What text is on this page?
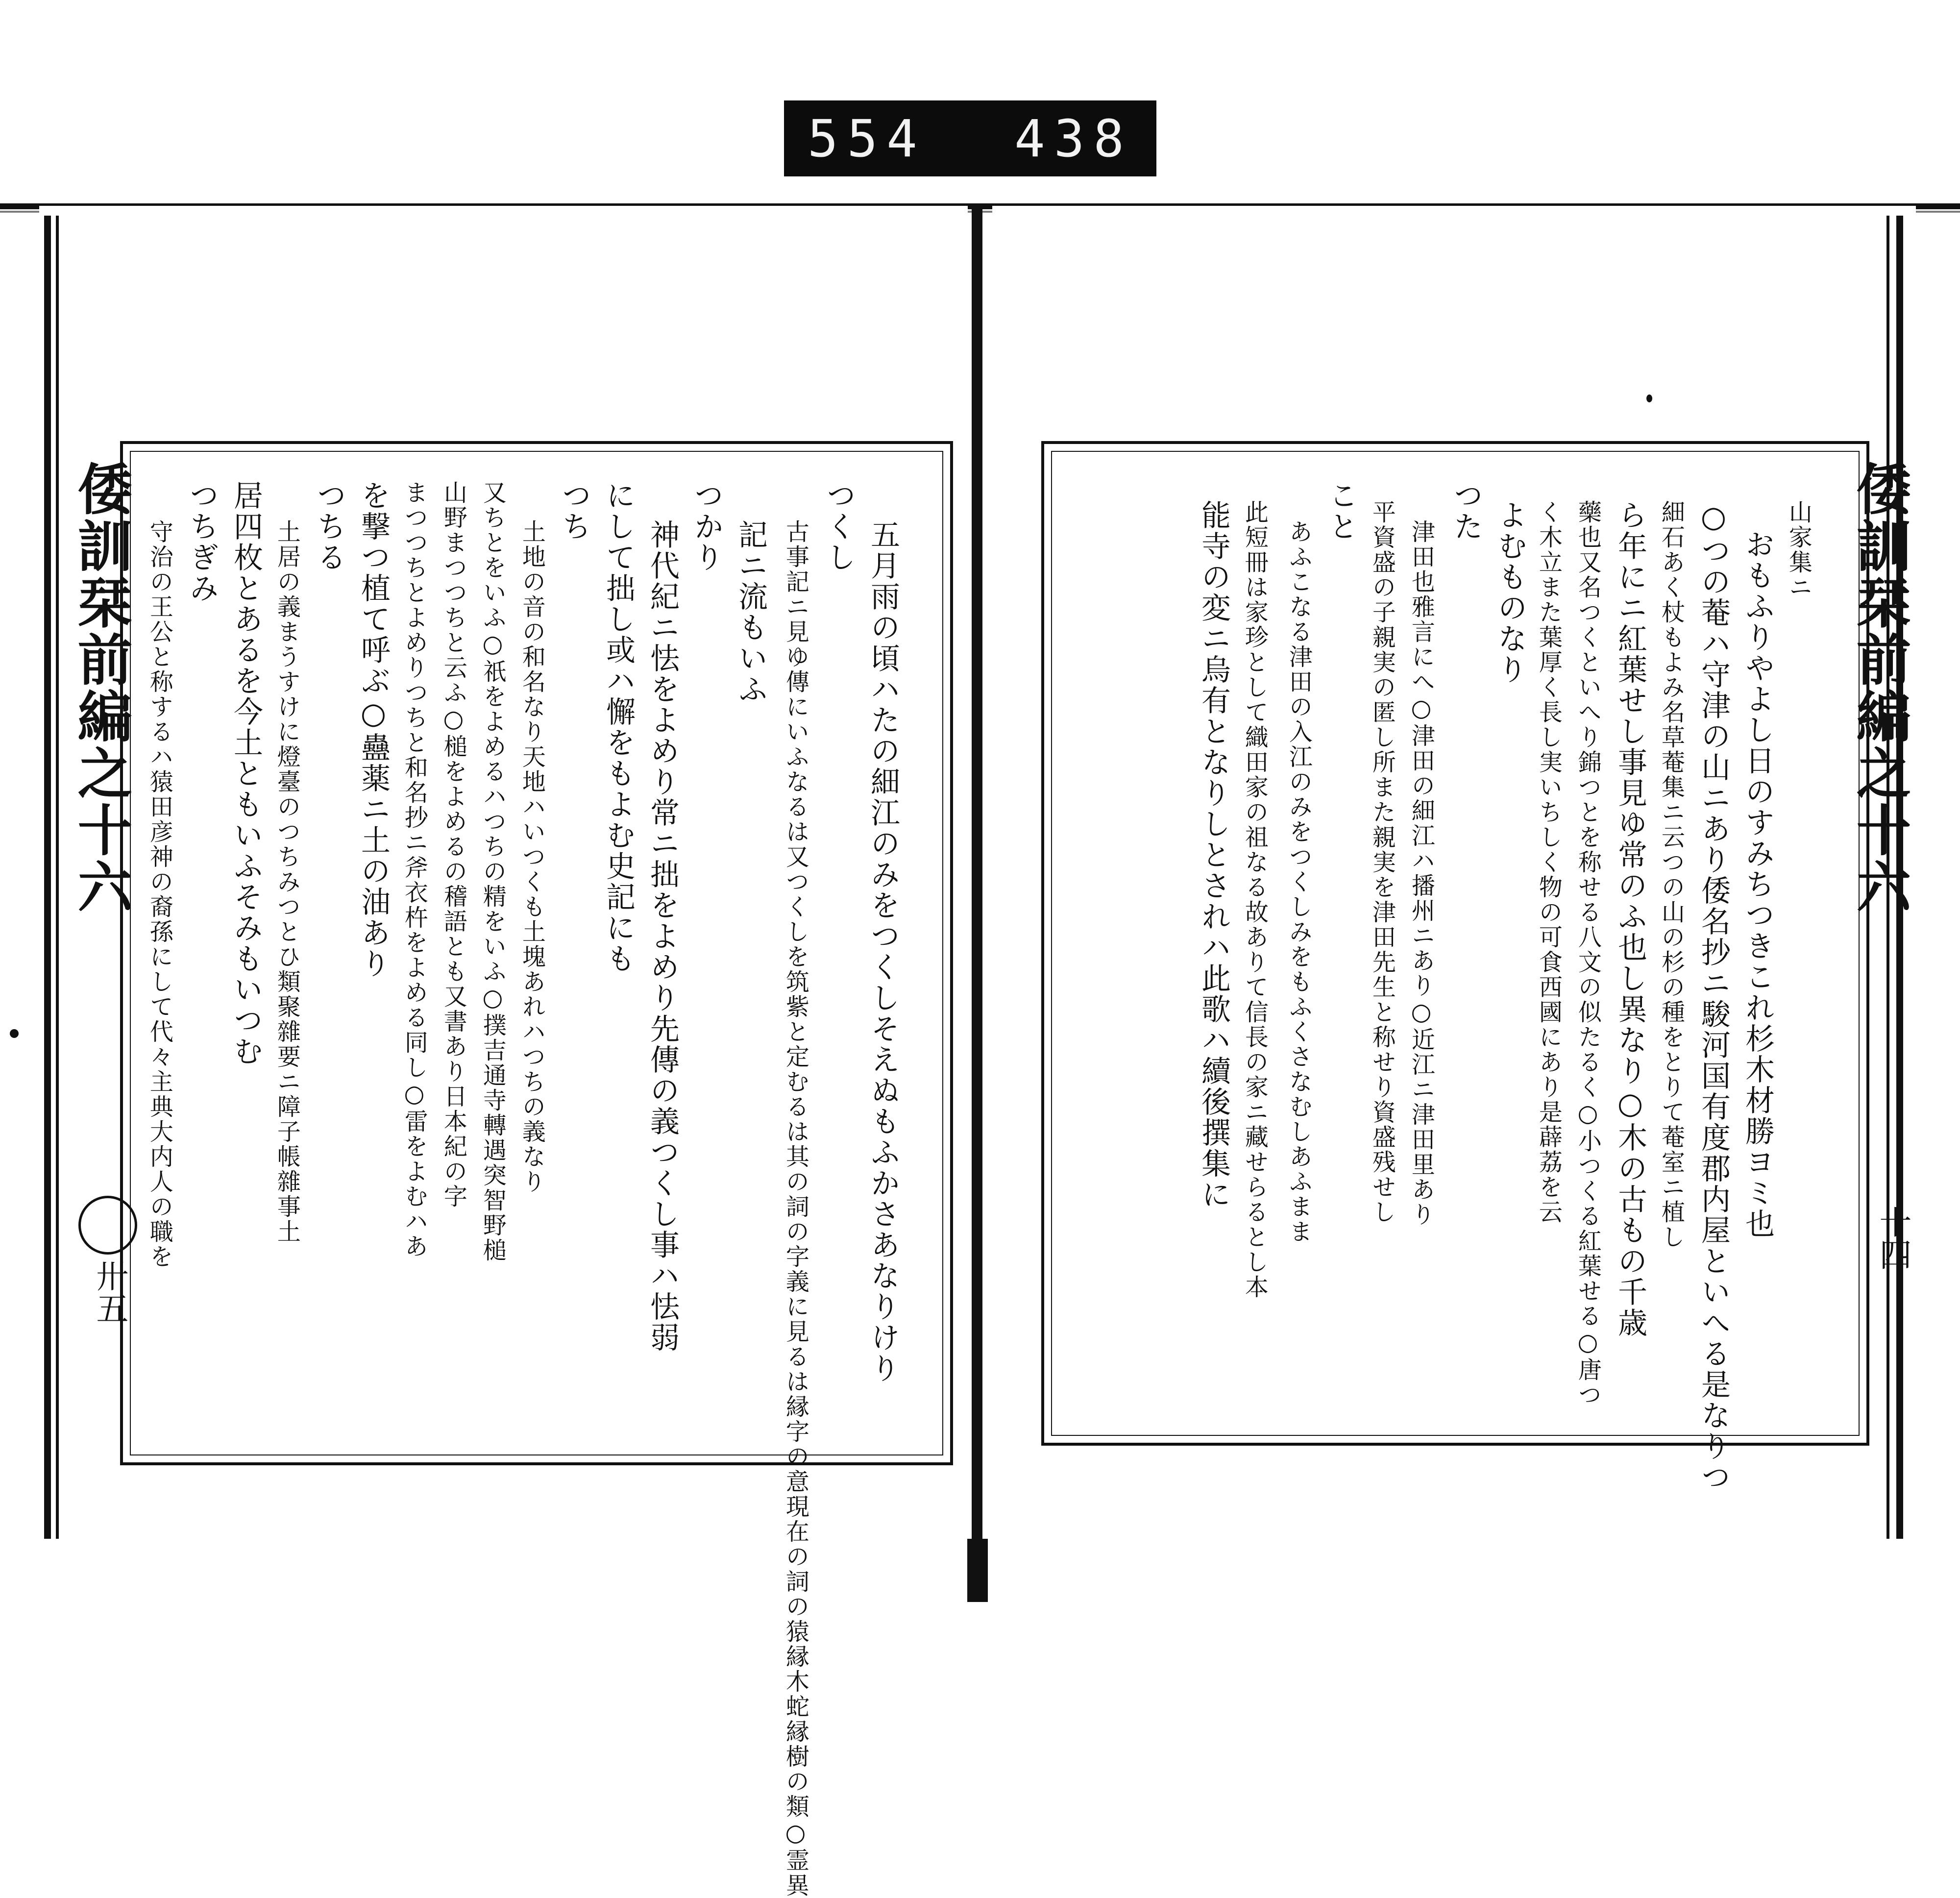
554 438
倭訓栞前編之十六
卅五	五月雨の頃ハたの細江のみをつくしそえぬもふかさあなりけり
つくし
古事記ニ見ゆ傳にいふなるは又つくしを筑紫と定むるは其の詞の字義に見るは縁字の意現在の詞の猿縁木蛇縁樹の類○霊異
記ニ流もいふ
つかり
神代紀ニ怯をよめり常ニ拙をよめり先傳の義つくし事ハ怯弱
にして拙し或ハ懈をもよむ史記にも
つち
土地の音の和名なり天地ハいつくも土塊あれハつちの義なり
又ちとをいふ○祇をよめるハつちの精をいふ○撲吉通寺轉遇突智野槌
山野まつつちと云ふ○槌をよめるの稽語とも又書あり日本紀の字
まつつちとよめりつちと和名抄ニ斧衣杵をよめる同し○雷をよむハあ
を撃つ植て呼ぶ○蠱薬ニ土の油あり
つちる
土居の義まうすけに燈臺のつちみつとひ類聚雜要ニ障子帳雜事土
居四枚とあるを今土ともいふそみもいつむ
つちぎみ
守治の王公と称するハ猿田彦神の裔孫にして代々主典大内人の職を	倭訓栞前編之十六
十四
山家集ニ
おもふりやよし日のすみちつきこれ杉木材勝ヨミ也
○つの菴ハ守津の山ニあり倭名抄ニ駿河国有度郡内屋といへる是なりつ
細石あく杖もよみ名草菴集ニ云つの山の杉の種をとりて菴室ニ植し
ら年にニ紅葉せし事見ゆ常のふ也し異なり○木の古もの千歳
藥也又名つくといへり錦つとを称せる八文の似たるく○小つくる紅葉せる○唐つ
く木立また葉厚く長し実いちしく物の可食西國にあり是薜荔を云
よむものなり
つた
津田也雅言にへ○津田の細江ハ播州ニあり○近江ニ津田里あり
平資盛の子親実の匿し所また親実を津田先生と称せり資盛残せし
こと
あふこなる津田の入江のみをつくしみをもふくさなむしあふまま
此短冊は家珍として織田家の祖なる故ありて信長の家ニ藏せらるとし本
能寺の変ニ烏有となりしとされハ此歌ハ續後撰集に
